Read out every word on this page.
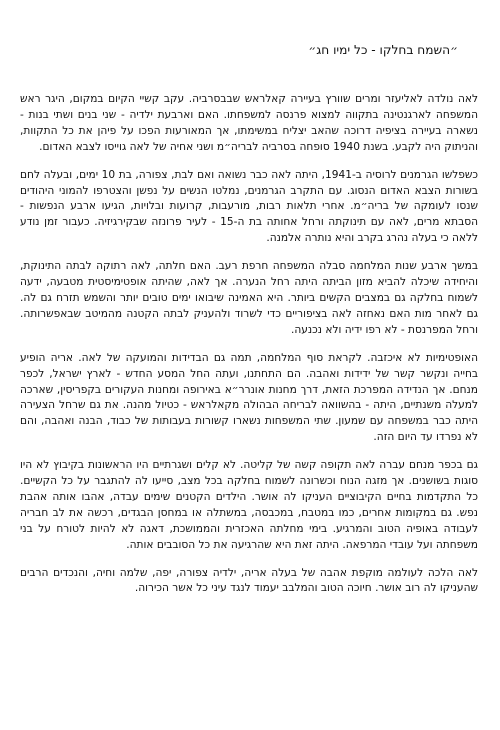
״השמח בחלקו - כל ימיו חג״

לאה נולדה לאליעזר ומרים שוורץ בעיירה קאלראש שבבסרביה. עקב קשיי הקיום במקום, היגר ראש המשפחה לארגנטינה בתקווה למצוא פרנסה למשפחתו. האם וארבעת ילדיה - שני בנים ושתי בנות - נשארה בעיירה בציפיה דרוכה שהאב יצליח במשימתו, אך המאורעות הפכו על פיהן את כל התקוות, והניתוק היה לקבע. בשנת 1940 סופחה בסרביה לבריה״מ ושני אחיה של לאה גוייסו לצבא האדום.

כשפלשו הגרמנים לרוסיה ב-1941, היתה לאה כבר נשואה ואם לבת, צפורה, בת 10 ימים, ובעלה לחם בשורות הצבא האדום הנסוג. עם התקרב הגרמנים, נמלטו הנשים על נפשן והצטרפו להמוני היהודים שנסו לעומקה של בריה״מ. אחרי תלאות רבות, מורעבות, קרועות ובלויות, הגיעו ארבע הנפשות - הסבתא מרים, לאה עם תינוקתה ורחל אחותה בת ה-15 - לעיר פרונזה שבקירגיזיה. כעבור זמן נודע ללאה כי בעלה נהרג בקרב והיא נותרה אלמנה.

במשך ארבע שנות המלחמה סבלה המשפחה חרפת רעב. האם חלתה, לאה רתוקה לבתה התינוקת, והיחידה שיכלה להביא מזון הביתה היתה רחל הנערה. אך לאה, שהיתה אופטימיסטית מטבעה, ידעה לשמוח בחלקה גם במצבים הקשים ביותר. היא האמינה שיבואו ימים טובים יותר והשמש תזרח גם לה. גם לאחר מות האם נאחזה לאה בציפוריים כדי לשרוד ולהעניק לבתה הקטנה מהמיטב שבאפשרותה. ורחל המפרנסת - לא רפו ידיה ולא נכנעה.

האופטימיות לא איכזבה. לקראת סוף המלחמה, תמה גם הבדידות והמועקה של לאה. אריה הופיע בחייה ונקשר קשר של ידידות ואהבה. הם התחתנו, ועתה החל המסע החדש - לארץ ישראל, לכפר מנחם. אך הנדידה המפרכת הזאת, דרך מחנות אונרר״א באירופה ומחנות העקורים בקפריסין, שארכה למעלה משנתיים, היתה - בהשוואה לבריחה הבהולה מקאלראש - כטיול מהנה. את גם שרחל הצעירה היתה כבר במשפחה עם שמעון. שתי המשפחות נשארו קשורות בעבותות של כבוד, הבנה ואהבה, והם לא נפרדו עד היום הזה.

גם בכפר מנחם עברה לאה תקופה קשה של קליטה. לא קלים ושגרתיים היו הראשונות בקיבוץ לא היו סוגות בשושנים. אך מזגה הנוח וכשרונה לשמוח בחלקה בכל מצב, סייעו לה להתגבר על כל הקשיים. כל התקדמות בחיים הקיבוציים העניקו לה אושר. הילדים הקטנים שימים עבדה, אהבו אותה אהבת נפש. גם במקומות אחרים, כמו במטבח, במכבסה, במשתלה או במחסן הבגדים, רכשה את לב חבריה לעבודה באופיה הטוב והמרגיע. בימי מחלתה האכזרית והממושכת, דאגה לא להיות לטורח על בני משפחתה ועל עובדי המרפאה. היתה זאת היא שהרגיעה את כל הסובבים אותה.

לאה הלכה לעולמה מוקפת אהבה של בעלה אריה, ילדיה צפורה, יפה, שלמה וחיה, והנכדים הרבים שהעניקו לה רוב אושר. חיוכה הטוב והמלבב יעמוד לנגד עיני כל אשר הכירוה.
